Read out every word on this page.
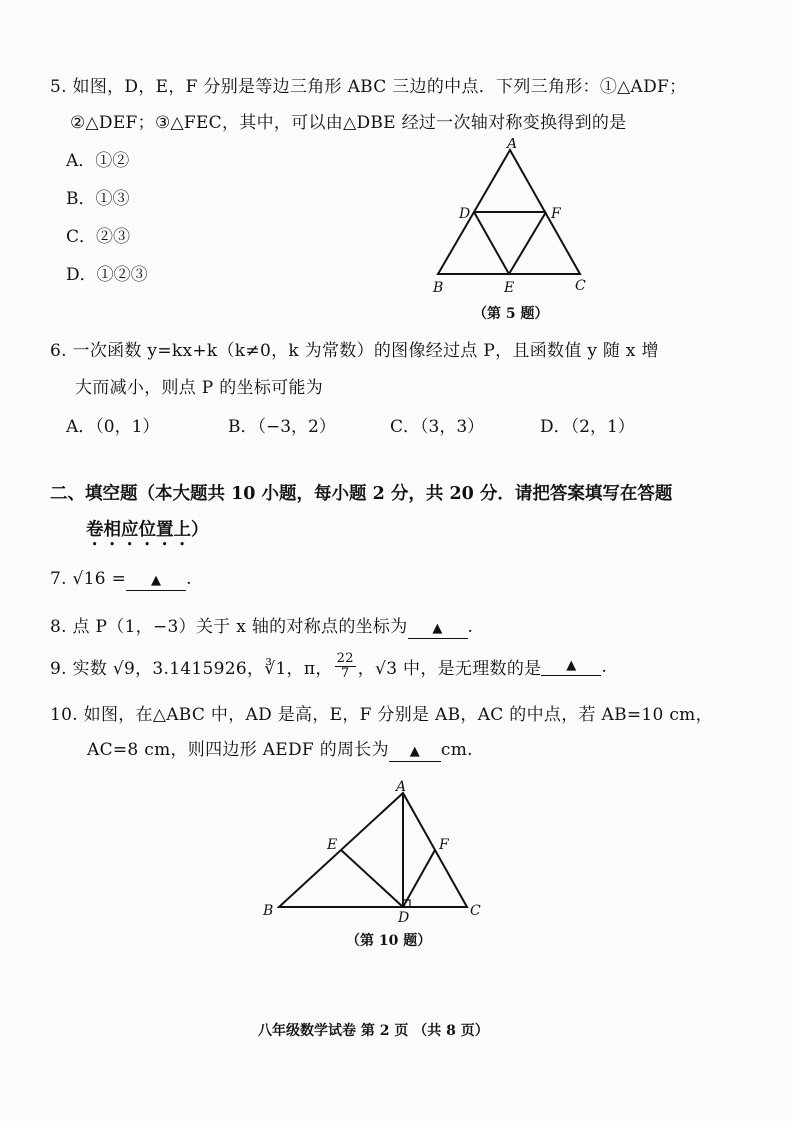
5. 如图，D，E，F 分别是等边三角形 ABC 三边的中点．下列三角形：①△ADF；
②△DEF；③△FEC，其中，可以由△DBE 经过一次轴对称变换得到的是
A．①②
B．①③
C．②③
D．①②③
A
B	C
D
E
F
（第 5 题）
6. 一次函数 y=kx+k（k≠0，k 为常数）的图像经过点 P，且函数值 y 随 x 增
大而减小，则点 P 的坐标可能为
A．（0，1）	B．（−3，2）	C．（3，3）	D．（2，1）
二、填空题（本大题共 10 小题，每小题 2 分，共 20 分．请把答案填写在答题
卷相应位置上）
7. √16 = ▲ .
8. 点 P（1，−3）关于 x 轴的对称点的坐标为 ▲ .
9. 实数 √9，3.1415926，∛1，π， $\frac{22}{7}$ ，√3 中，是无理数的是	▲	.
10. 如图，在△ABC 中，AD 是高，E，F 分别是 AB，AC 的中点，若 AB=10 cm，
AC=8 cm，则四边形 AEDF 的周长为 ▲ cm.
A
B	C
D
E	F
（第 10 题）
八年级数学试卷 第 2 页 （共 8 页）
